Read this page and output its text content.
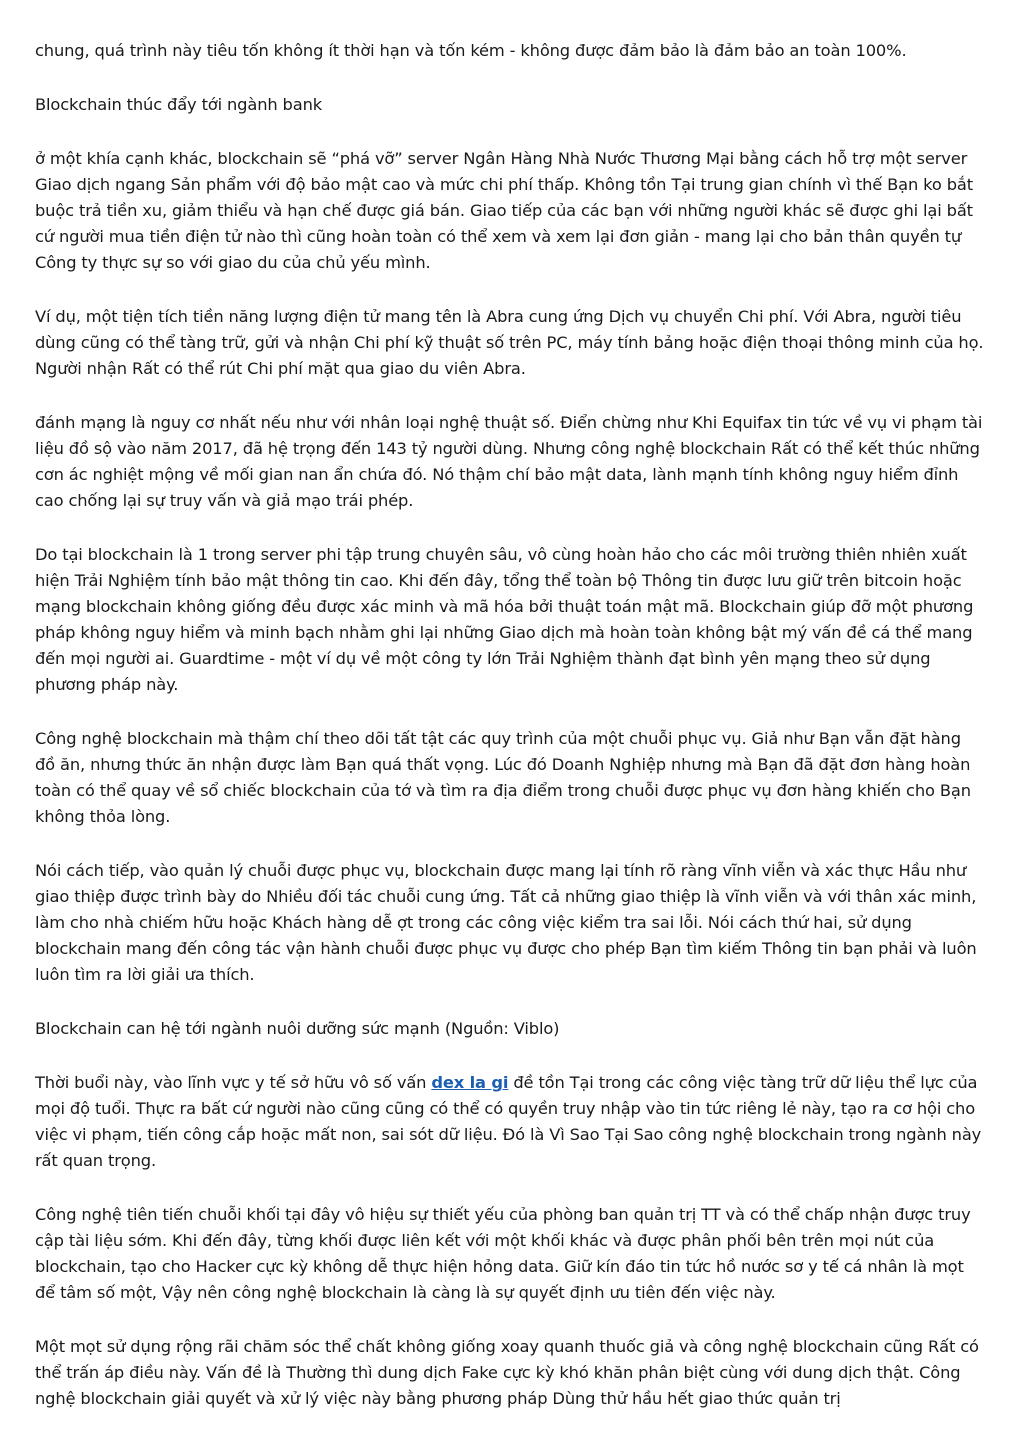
chung, quá trình này tiêu tốn không ít thời hạn và tốn kém - không được đảm bảo là đảm bảo an toàn 100%.

Blockchain thúc đẩy tới ngành bank

ở một khía cạnh khác, blockchain sẽ “phá vỡ” server Ngân Hàng Nhà Nước Thương Mại bằng cách hỗ trợ một server Giao dịch ngang Sản phẩm với độ bảo mật cao và mức chi phí thấp. Không tồn Tại trung gian chính vì thế Bạn ko bắt buộc trả tiền xu, giảm thiểu và hạn chế được giá bán. Giao tiếp của các bạn với những người khác sẽ được ghi lại bất cứ người mua tiền điện tử nào thì cũng hoàn toàn có thể xem và xem lại đơn giản - mang lại cho bản thân quyền tự Công ty thực sự so với giao du của chủ yếu mình.

Ví dụ, một tiện tích tiền năng lượng điện tử mang tên là Abra cung ứng Dịch vụ chuyển Chi phí. Với Abra, người tiêu dùng cũng có thể tàng trữ, gửi và nhận Chi phí kỹ thuật số trên PC, máy tính bảng hoặc điện thoại thông minh của họ. Người nhận Rất có thể rút Chi phí mặt qua giao du viên Abra.

đánh mạng là nguy cơ nhất nếu như với nhân loại nghệ thuật số. Điển chừng như Khi Equifax tin tức về vụ vi phạm tài liệu đồ sộ vào năm 2017, đã hệ trọng đến 143 tỷ người dùng. Nhưng công nghệ blockchain Rất có thể kết thúc những cơn ác nghiệt mộng về mối gian nan ẩn chứa đó. Nó thậm chí bảo mật data, lành mạnh tính không nguy hiểm đỉnh cao chống lại sự truy vấn và giả mạo trái phép.

Do tại blockchain là 1 trong server phi tập trung chuyên sâu, vô cùng hoàn hảo cho các môi trường thiên nhiên xuất hiện Trải Nghiệm tính bảo mật thông tin cao. Khi đến đây, tổng thể toàn bộ Thông tin được lưu giữ trên bitcoin hoặc mạng blockchain không giống đều được xác minh và mã hóa bởi thuật toán mật mã. Blockchain giúp đỡ một phương pháp không nguy hiểm và minh bạch nhằm ghi lại những Giao dịch mà hoàn toàn không bật mý vấn đề cá thể mang đến mọi người ai. Guardtime - một ví dụ về một công ty lớn Trải Nghiệm thành đạt bình yên mạng theo sử dụng phương pháp này.

Công nghệ blockchain mà thậm chí theo dõi tất tật các quy trình của một chuỗi phục vụ. Giả như Bạn vẫn đặt hàng đồ ăn, nhưng thức ăn nhận được làm Bạn quá thất vọng. Lúc đó Doanh Nghiệp nhưng mà Bạn đã đặt đơn hàng hoàn toàn có thể quay về sổ chiếc blockchain của tớ và tìm ra địa điểm trong chuỗi được phục vụ đơn hàng khiến cho Bạn không thỏa lòng.

Nói cách tiếp, vào quản lý chuỗi được phục vụ, blockchain được mang lại tính rõ ràng vĩnh viễn và xác thực Hầu như giao thiệp được trình bày do Nhiều đối tác chuỗi cung ứng. Tất cả những giao thiệp là vĩnh viễn và với thân xác minh, làm cho nhà chiếm hữu hoặc Khách hàng dễ ợt trong các công việc kiểm tra sai lỗi. Nói cách thứ hai, sử dụng blockchain mang đến công tác vận hành chuỗi được phục vụ được cho phép Bạn tìm kiếm Thông tin bạn phải và luôn luôn tìm ra lời giải ưa thích.

Blockchain can hệ tới ngành nuôi dưỡng sức mạnh (Nguồn: Viblo)

Thời buổi này, vào lĩnh vực y tế sở hữu vô số vấn dex la gi đề tồn Tại trong các công việc tàng trữ dữ liệu thể lực của mọi độ tuổi. Thực ra bất cứ người nào cũng cũng có thể có quyền truy nhập vào tin tức riêng lẻ này, tạo ra cơ hội cho việc vi phạm, tiến công cắp hoặc mất non, sai sót dữ liệu. Đó là Vì Sao Tại Sao công nghệ blockchain trong ngành này rất quan trọng.

Công nghệ tiên tiến chuỗi khối tại đây vô hiệu sự thiết yếu của phòng ban quản trị TT và có thể chấp nhận được truy cập tài liệu sớm. Khi đến đây, từng khối được liên kết với một khối khác và được phân phối bên trên mọi nút của blockchain, tạo cho Hacker cực kỳ không dễ thực hiện hỏng data. Giữ kín đáo tin tức hồ nước sơ y tế cá nhân là mọt để tâm số một, Vậy nên công nghệ blockchain là càng là sự quyết định ưu tiên đến việc này.

Một mọt sử dụng rộng rãi chăm sóc thể chất không giống xoay quanh thuốc giả và công nghệ blockchain cũng Rất có thể trấn áp điều này. Vấn đề là Thường thì dung dịch Fake cực kỳ khó khăn phân biệt cùng với dung dịch thật. Công nghệ blockchain giải quyết và xử lý việc này bằng phương pháp Dùng thử hầu hết giao thức quản trị
